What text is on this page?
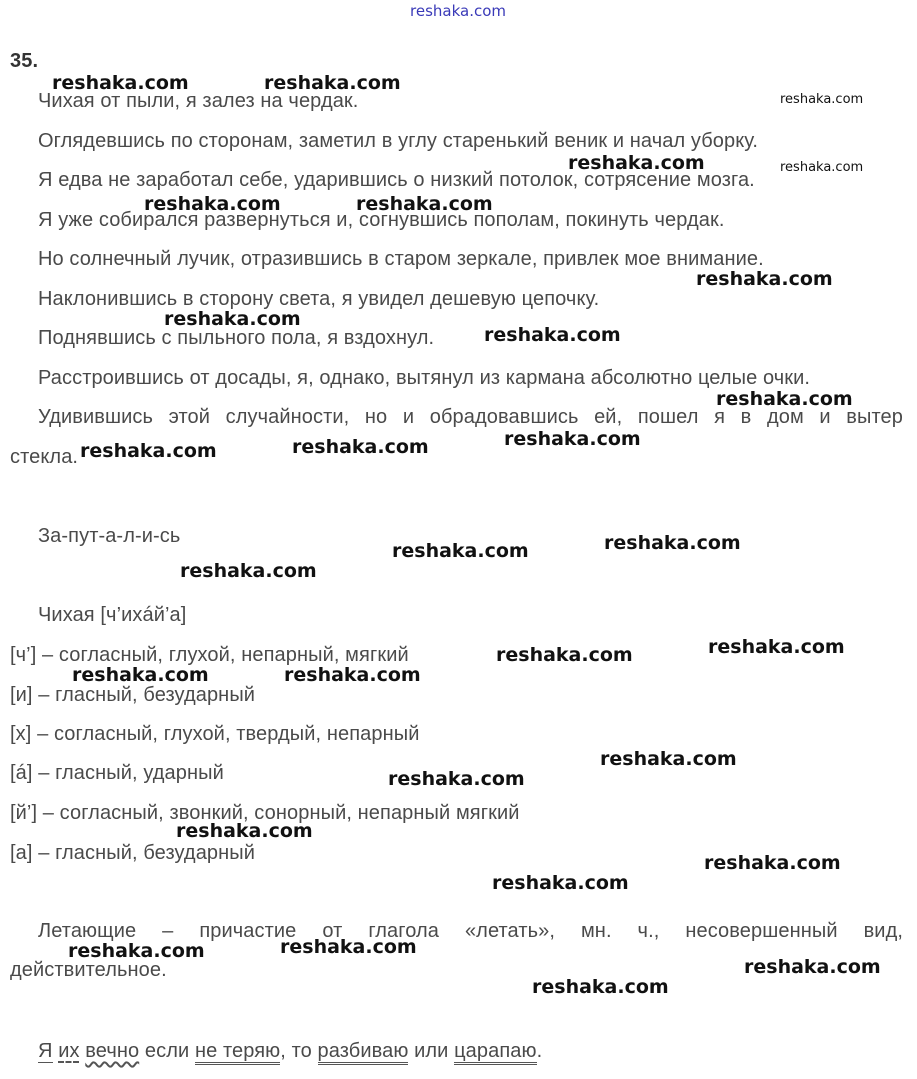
reshaka.com
35.
Чихая от пыли, я залез на чердак.
Оглядевшись по сторонам, заметил в углу старенький веник и начал уборку.
Я едва не заработал себе, ударившись о низкий потолок, сотрясение мозга.
Я уже собирался развернуться и, согнувшись пополам, покинуть чердак.
Но солнечный лучик, отразившись в старом зеркале, привлек мое внимание.
Наклонившись в сторону света, я увидел дешевую цепочку.
Поднявшись с пыльного пола, я вздохнул.
Расстроившись от досады, я, однако, вытянул из кармана абсолютно целые очки.
Удивившись этой случайности, но и обрадовавшись ей, пошел я в дом и вытер
стекла.
За-пут-а-л-и-сь
Чихая [ч’ихáй’а]
[ч’] – согласный, глухой, непарный, мягкий
[и] – гласный, безударный
[х] – согласный, глухой, твердый, непарный
[á] – гласный, ударный
[й’] – согласный, звонкий, сонорный, непарный мягкий
[а] – гласный, безударный
Летающие – причастие от глагола «летать», мн. ч., несовершенный вид,
действительное.
Я их вечно если не теряю, то разбиваю или царапаю.
reshaka.com	reshaka.com
reshaka.com
reshaka.com	reshaka.com
reshaka.com	reshaka.com
reshaka.com
reshaka.com
reshaka.com
reshaka.com
reshaka.com
reshaka.com
reshaka.com
reshaka.com
reshaka.com
reshaka.com
reshaka.com
reshaka.com
reshaka.com	reshaka.com
reshaka.com
reshaka.com
reshaka.com
reshaka.com
reshaka.com
reshaka.com
reshaka.com
reshaka.com
reshaka.com
